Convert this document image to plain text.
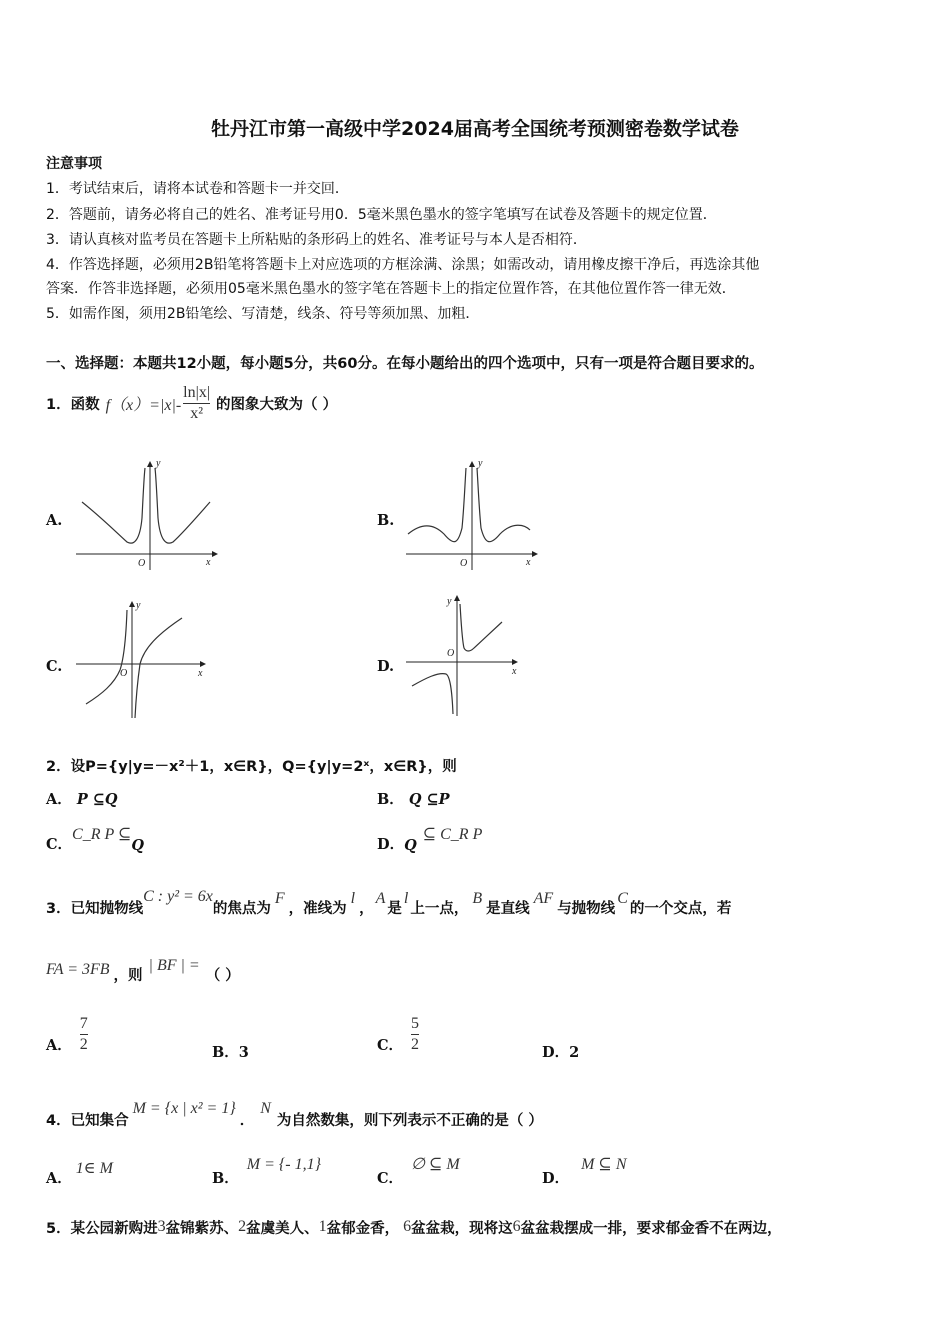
牡丹江市第一高级中学2024届高考全国统考预测密卷数学试卷
注意事项
1．考试结束后，请将本试卷和答题卡一并交回．
2．答题前，请务必将自己的姓名、准考证号用0．5毫米黑色墨水的签字笔填写在试卷及答题卡的规定位置．
3．请认真核对监考员在答题卡上所粘贴的条形码上的姓名、准考证号与本人是否相符．
4．作答选择题，必须用2B铅笔将答题卡上对应选项的方框涂满、涂黑；如需改动，请用橡皮擦干净后，再选涂其他
答案．作答非选择题，必须用05毫米黑色墨水的签字笔在答题卡上的指定位置作答，在其他位置作答一律无效．
5．如需作图，须用2B铅笔绘、写清楚，线条、符号等须加黑、加粗．
一、选择题：本题共12小题，每小题5分，共60分。在每小题给出的四个选项中，只有一项是符合题目要求的。
1．函数 $f(x)=|x|- \frac{\ln|x|}{\text{x²}}$ 的图象大致为（ ）
A.	B.
C.	D.
y
x
O
y
x
O
y
x
O
y
x
O
2．设P={y|y=－x²＋1，x∈R}，Q={y|y=2ˣ，x∈R}，则
A． P ⊆Q	B． Q ⊆P
C．
C_R P ⊆
Q	D． Q
⊆ C_R P
3．已知抛物线
C : y² = 6x
的焦点为
F
，准线为
l
，
A
是
l
上一点，
B
是直线
AF
与抛物线
C
的一个交点，若
FA = 3FB ，则
| BF | =
（ ）
A． $\frac{7}{2}$	B．3	C． $\frac{5}{2}$	D．2
4．已知集合
M = {x | x² = 1}
．
N
为自然数集，则下列表示不正确的是（ ）
A．
1∈ M
B．
M = {- 1,1}
C．
∅ ⊆ M
D．
M ⊆ N
5．某公园新购进 3 盆锦紫苏、 2 盆虞美人、 1 盆郁金香， 6 盆盆栽，现将这 6 盆盆栽摆成一排，要求郁金香不在两边，
